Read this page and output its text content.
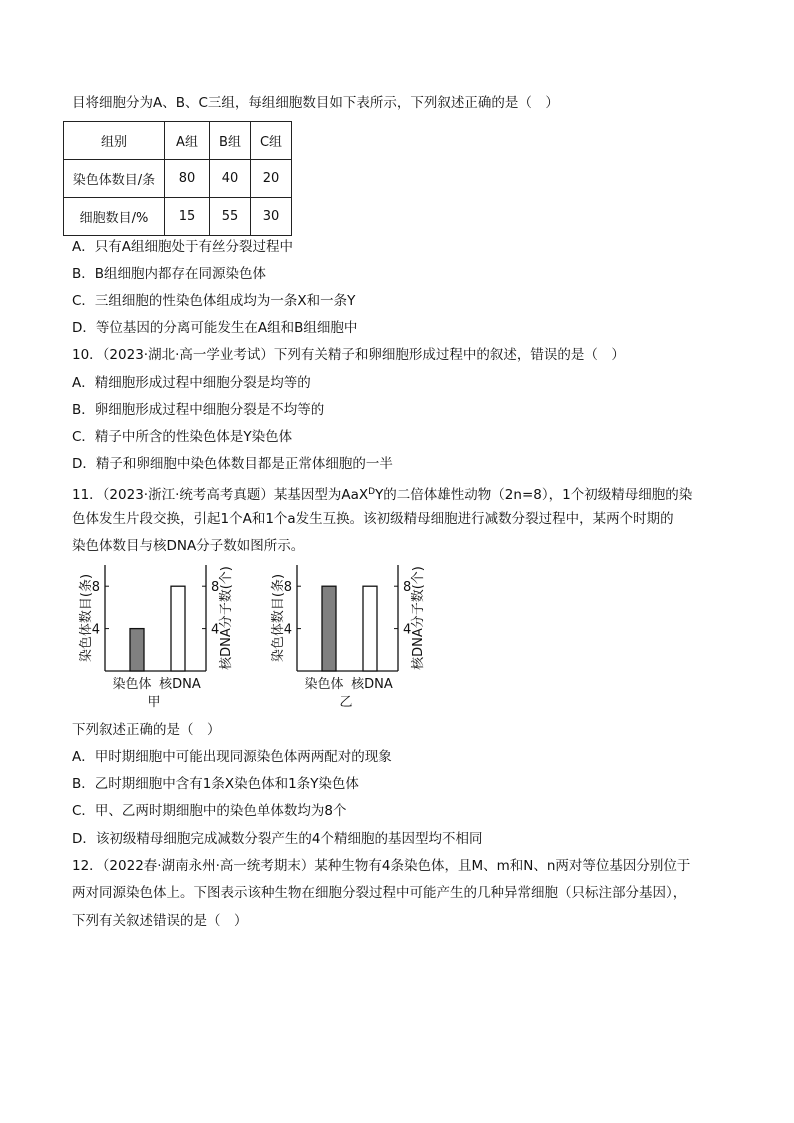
目将细胞分为A、B、C三组，每组细胞数目如下表所示，下列叙述正确的是（　）
组别	A组	B组	C组
染色体数目/条	80	40	20
细胞数目/%	15	55	30
A．只有A组细胞处于有丝分裂过程中
B．B组细胞内都存在同源染色体
C．三组细胞的性染色体组成均为一条X和一条Y
D．等位基因的分离可能发生在A组和B组细胞中
10．（2023·湖北·高一学业考试）下列有关精子和卵细胞形成过程中的叙述，错误的是（　）
A．精细胞形成过程中细胞分裂是均等的
B．卵细胞形成过程中细胞分裂是不均等的
C．精子中所含的性染色体是Y染色体
D．精子和卵细胞中染色体数目都是正常体细胞的一半
11．（2023·浙江·统考高考真题）某基因型为AaX$^D$Y的二倍体雄性动物（2n=8），1个初级精母细胞的染
色体发生片段交换，引起1个A和1个a发生互换。该初级精母细胞进行减数分裂过程中，某两个时期的
染色体数目与核DNA分子数如图所示。
染色体数目(条)	核DNA分子数(个)
4	4
8	8
染色体 核DNA
甲
染色体数目(条)	核DNA分子数(个)
4	4
8	8
染色体 核DNA
乙
下列叙述正确的是（　）
A．甲时期细胞中可能出现同源染色体两两配对的现象
B．乙时期细胞中含有1条X染色体和1条Y染色体
C．甲、乙两时期细胞中的染色单体数均为8个
D．该初级精母细胞完成减数分裂产生的4个精细胞的基因型均不相同
12．（2022春·湖南永州·高一统考期末）某种生物有4条染色体，且M、m和N、n两对等位基因分别位于
两对同源染色体上。下图表示该种生物在细胞分裂过程中可能产生的几种异常细胞（只标注部分基因），
下列有关叙述错误的是（　）
